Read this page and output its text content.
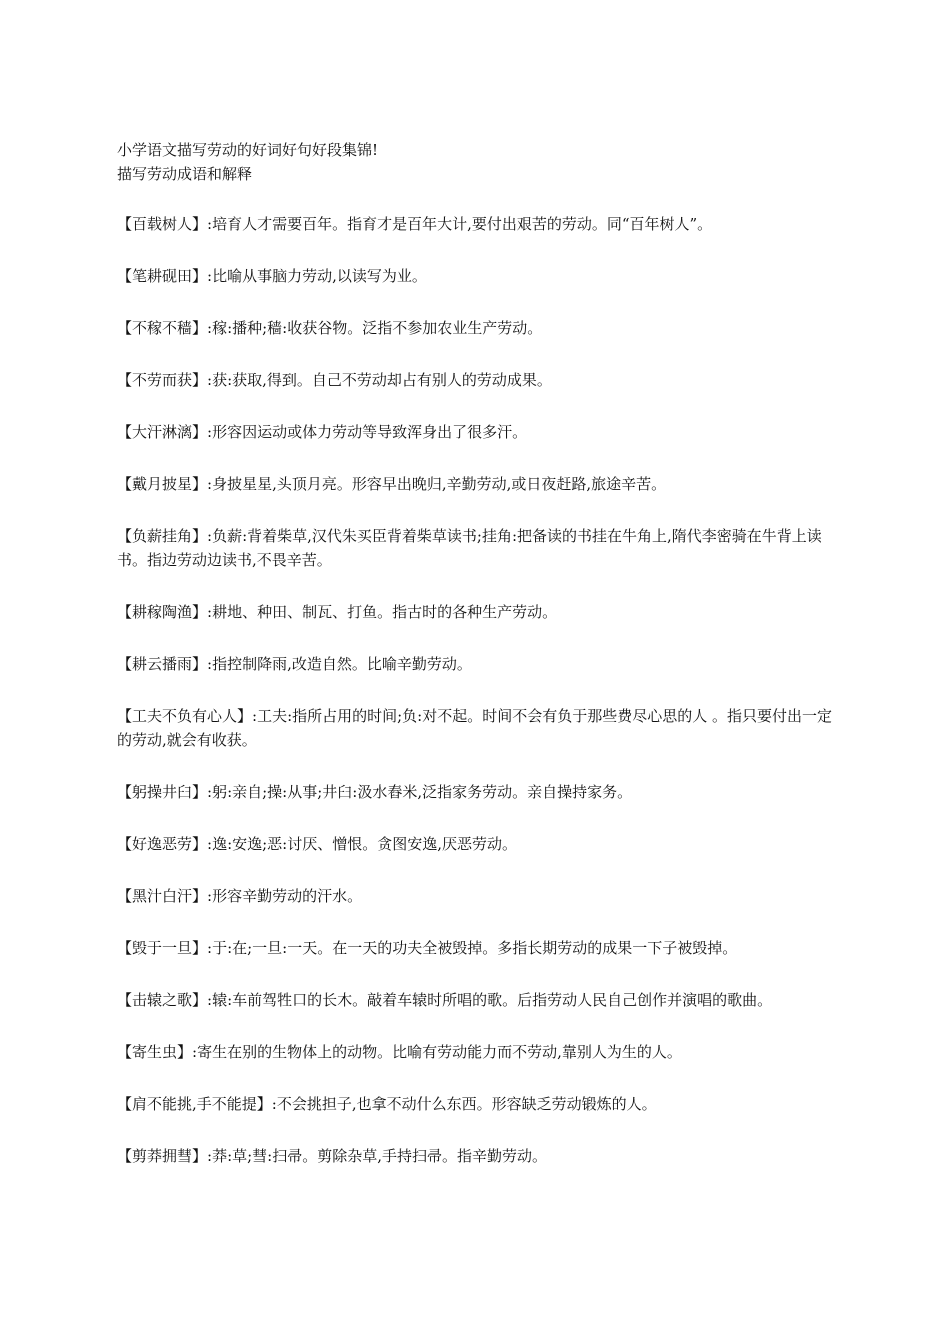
小学语文描写劳动的好词好句好段集锦!

描写劳动成语和解释

【百载树人】:培育人才需要百年。指育才是百年大计,要付出艰苦的劳动。同“百年树人”。

【笔耕砚田】:比喻从事脑力劳动,以读写为业。

【不稼不穑】:稼:播种;穑:收获谷物。泛指不参加农业生产劳动。

【不劳而获】:获:获取,得到。自己不劳动却占有别人的劳动成果。

【大汗淋漓】:形容因运动或体力劳动等导致浑身出了很多汗。

【戴月披星】:身披星星,头顶月亮。形容早出晚归,辛勤劳动,或日夜赶路,旅途辛苦。

【负薪挂角】:负薪:背着柴草,汉代朱买臣背着柴草读书;挂角:把备读的书挂在牛角上,隋代李密骑在牛背上读书。指边劳动边读书,不畏辛苦。

【耕稼陶渔】:耕地、种田、制瓦、打鱼。指古时的各种生产劳动。

【耕云播雨】:指控制降雨,改造自然。比喻辛勤劳动。

【工夫不负有心人】:工夫:指所占用的时间;负:对不起。时间不会有负于那些费尽心思的人 。指只要付出一定的劳动,就会有收获。

【躬操井臼】:躬:亲自;操:从事;井臼:汲水舂米,泛指家务劳动。亲自操持家务。

【好逸恶劳】:逸:安逸;恶:讨厌、憎恨。贪图安逸,厌恶劳动。

【黑汁白汗】:形容辛勤劳动的汗水。

【毁于一旦】:于:在;一旦:一天。在一天的功夫全被毁掉。多指长期劳动的成果一下子被毁掉。

【击辕之歌】:辕:车前驾牲口的长木。敲着车辕时所唱的歌。后指劳动人民自己创作并演唱的歌曲。

【寄生虫】:寄生在别的生物体上的动物。比喻有劳动能力而不劳动,靠别人为生的人。

【肩不能挑,手不能提】:不会挑担子,也拿不动什么东西。形容缺乏劳动锻炼的人。

【剪莽拥彗】:莽:草;彗:扫帚。剪除杂草,手持扫帚。指辛勤劳动。
